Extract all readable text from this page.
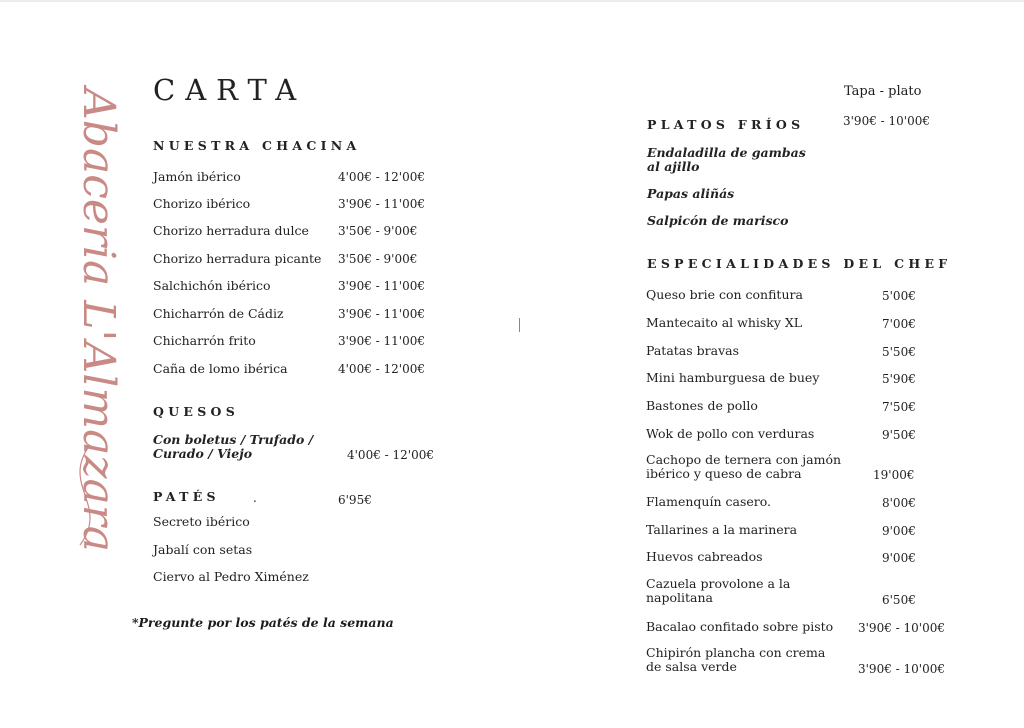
Abaceria L'Almazara CARTA
NUESTRA CHACINA
Jamón ibérico	4'00€ - 12'00€
Chorizo ibérico	3'90€ - 11'00€
Chorizo herradura dulce 3'50€ - 9'00€
Chorizo herradura picante 3'50€ - 9'00€
Salchichón ibérico	3'90€ - 11'00€
Chicharrón de Cádiz	3'90€ - 11'00€
Chicharrón frito	3'90€ - 11'00€
Caña de lomo ibérica	4'00€ - 12'00€
QUESOS
Con boletus / Trufado /
Curado / Viejo	4'00€ - 12'00€
PATÉS	.	6'95€
Secreto ibérico
Jabalí con setas
Ciervo al Pedro Ximénez
*Pregunte por los patés de la semana
Tapa - plato
PLATOS FRÍOS	3'90€ - 10'00€
Endaladilla de gambas
al ajillo
Papas aliñás
Salpicón de marisco
ESPECIALIDADES DEL CHEF
Queso brie con confitura	5'00€
Mantecaito al whisky XL	7'00€
Patatas bravas	5'50€
Mini hamburguesa de buey	5'90€
Bastones de pollo	7'50€
Wok de pollo con verduras	9'50€
Cachopo de ternera con jamón
ibérico y queso de cabra	19'00€
Flamenquín casero.	8'00€
Tallarines a la marinera	9'00€
Huevos cabreados	9'00€
Cazuela provolone a la
napolitana	6'50€
Bacalao confitado sobre pisto 3'90€ - 10'00€
Chipirón plancha con crema
de salsa verde	3'90€ - 10'00€
